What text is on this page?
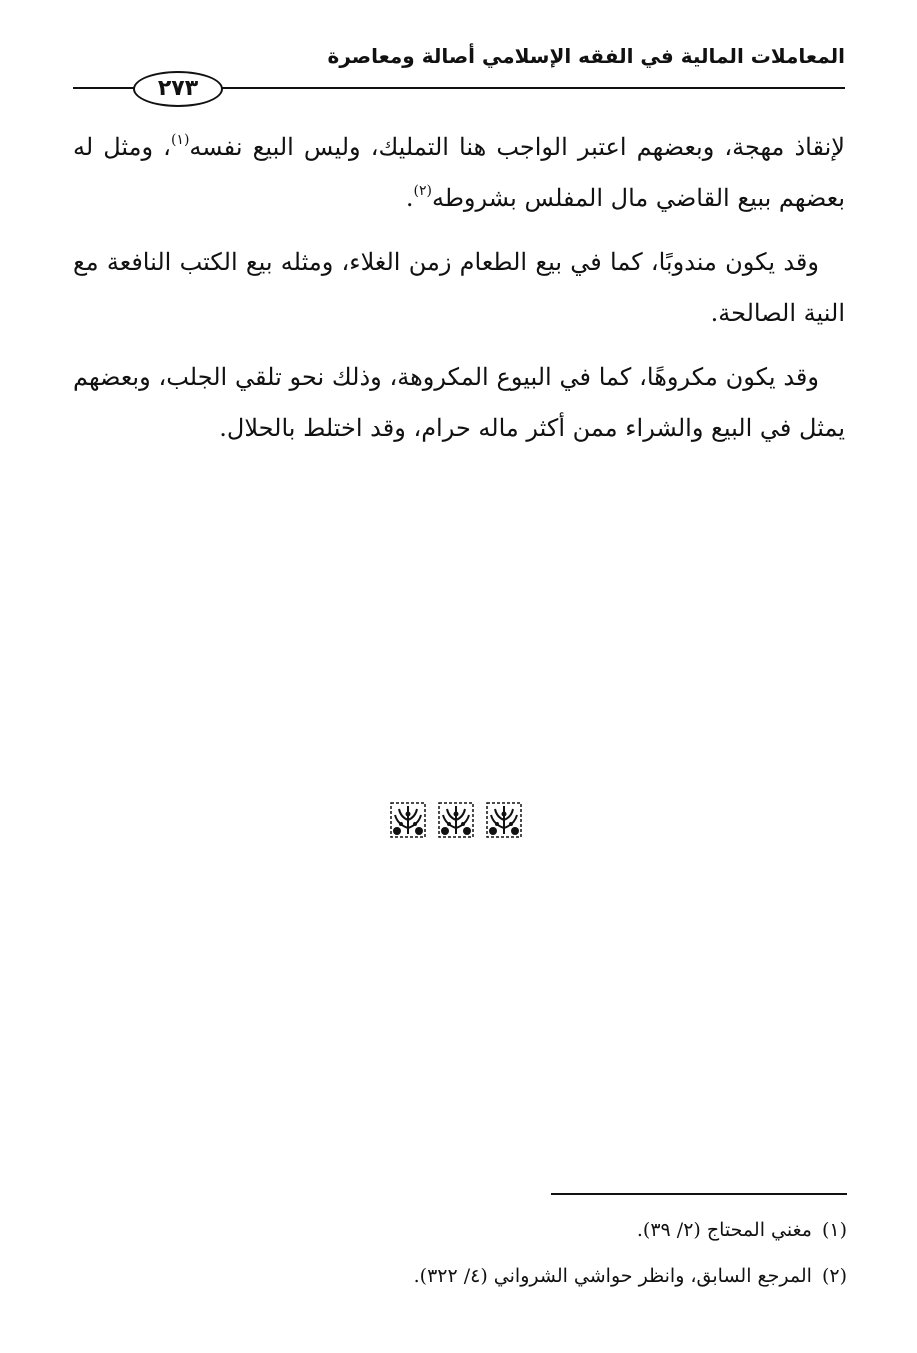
المعاملات المالية في الفقه الإسلامي أصالة ومعاصرة
٢٧٣

لإنقاذ مهجة، وبعضهم اعتبر الواجب هنا التمليك، وليس البيع نفسه$^{(١)}$، ومثل له بعضهم ببيع القاضي مال المفلس بشروطه$^{(٢)}$.

وقد يكون مندوبًا، كما في بيع الطعام زمن الغلاء، ومثله بيع الكتب النافعة مع النية الصالحة.

وقد يكون مكروهًا، كما في البيوع المكروهة، وذلك نحو تلقي الجلب، وبعضهم يمثل في البيع والشراء ممن أكثر ماله حرام، وقد اختلط بالحلال.

(١)مغني المحتاج (٢/ ٣٩).

(٢)المرجع السابق، وانظر حواشي الشرواني (٤/ ٣٢٢).
